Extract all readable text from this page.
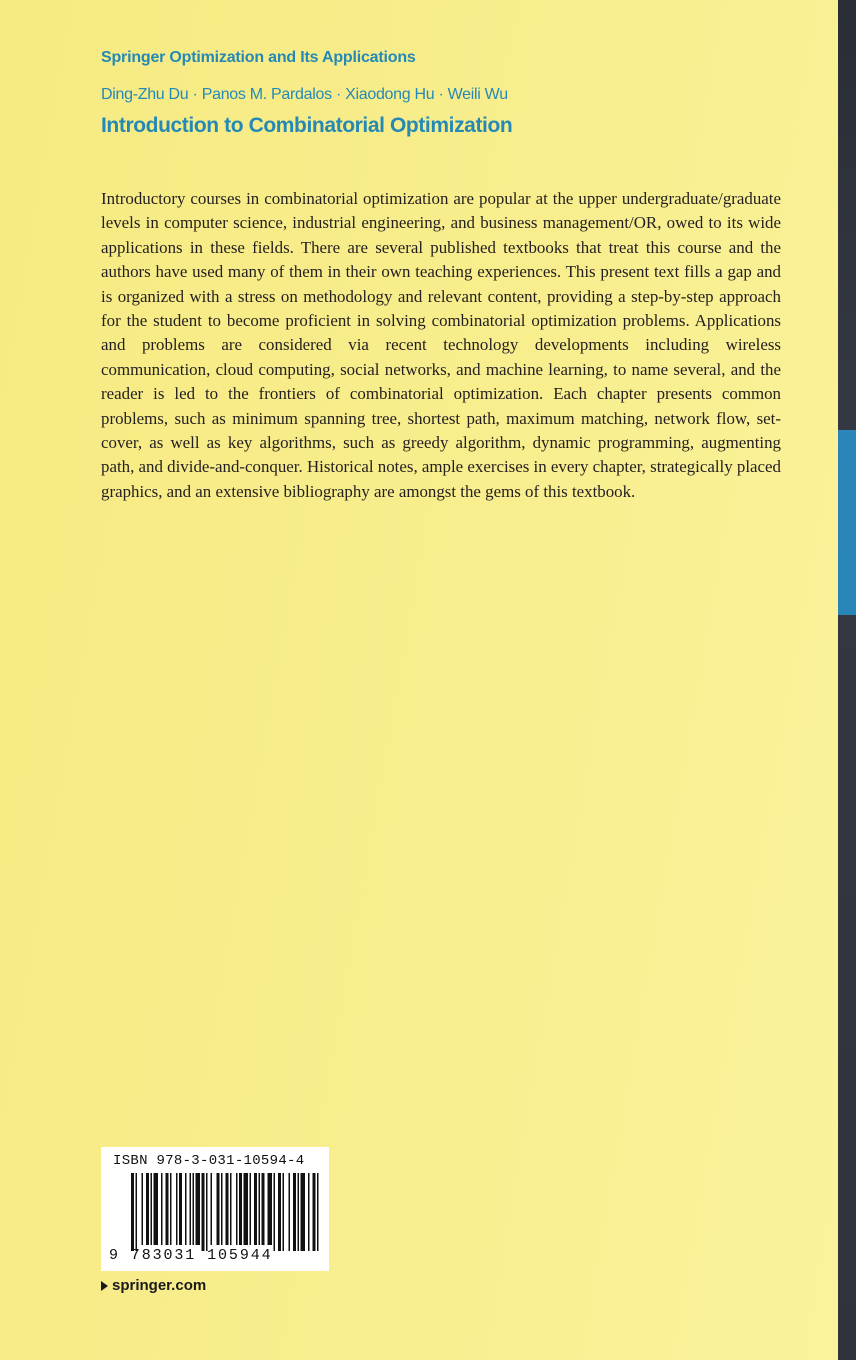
Springer Optimization and Its Applications
Ding-Zhu Du · Panos M. Pardalos · Xiaodong Hu · Weili Wu
Introduction to Combinatorial Optimization

Introductory courses in combinatorial optimization are popular at the upper undergraduate/graduate levels in computer science, industrial engineering, and business management/OR, owed to its wide applications in these fields. There are several published textbooks that treat this course and the authors have used many of them in their own teaching experiences. This present text fills a gap and is organized with a stress on methodology and relevant content, providing a step-by-step approach for the student to become proficient in solving combinatorial optimization problems. Applications and problems are considered via recent technology developments including wireless communication, cloud computing, social networks, and machine learning, to name several, and the reader is led to the frontiers of combinatorial optimization. Each chapter presents common problems, such as minimum spanning tree, shortest path, maximum matching, network flow, set-cover, as well as key algorithms, such as greedy algorithm, dynamic programming, augmenting path, and divide-and-conquer. Historical notes, ample exercises in every chapter, strategically placed graphics, and an extensive bibliography are amongst the gems of this textbook.

ISBN 978-3-031-10594-4
9 783031 105944
springer.com
